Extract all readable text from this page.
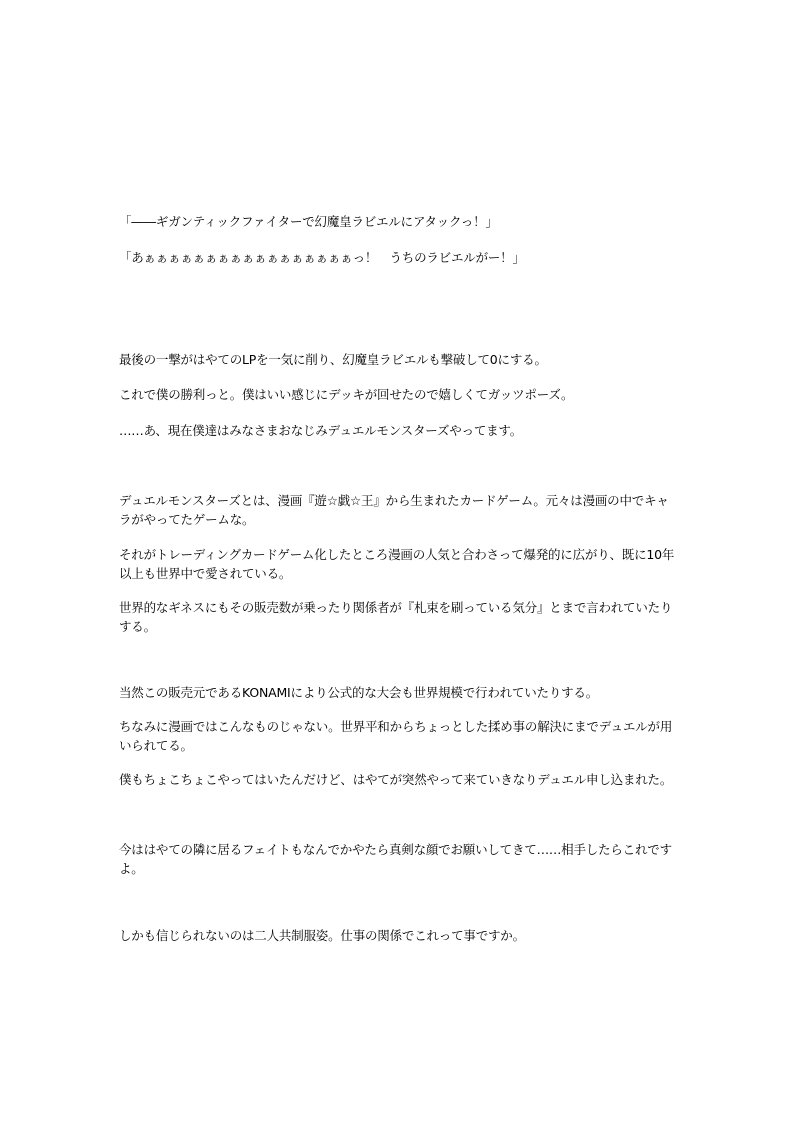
「――ギガンティックファイターで幻魔皇ラビエルにアタックっ！」

「あぁぁぁぁぁぁぁぁぁぁぁぁぁぁぁぁぁっ！　うちのラビエルがー！」

最後の一撃がはやてのLPを一気に削り、幻魔皇ラビエルも撃破して0にする。

これで僕の勝利っと。僕はいい感じにデッキが回せたので嬉しくてガッツポーズ。

……あ、現在僕達はみなさまおなじみデュエルモンスターズやってます。

デュエルモンスターズとは、漫画『遊☆戯☆王』から生まれたカードゲーム。元々は漫画の中でキャラがやってたゲームな。

それがトレーディングカードゲーム化したところ漫画の人気と合わさって爆発的に広がり、既に10年以上も世界中で愛されている。

世界的なギネスにもその販売数が乗ったり関係者が『札束を刷っている気分』とまで言われていたりする。

当然この販売元であるKONAMIにより公式的な大会も世界規模で行われていたりする。

ちなみに漫画ではこんなものじゃない。世界平和からちょっとした揉め事の解決にまでデュエルが用いられてる。

僕もちょこちょこやってはいたんだけど、はやてが突然やって来ていきなりデュエル申し込まれた。

今ははやての隣に居るフェイトもなんでかやたら真剣な顔でお願いしてきて……相手したらこれですよ。

しかも信じられないのは二人共制服姿。仕事の関係でこれって事ですか。
